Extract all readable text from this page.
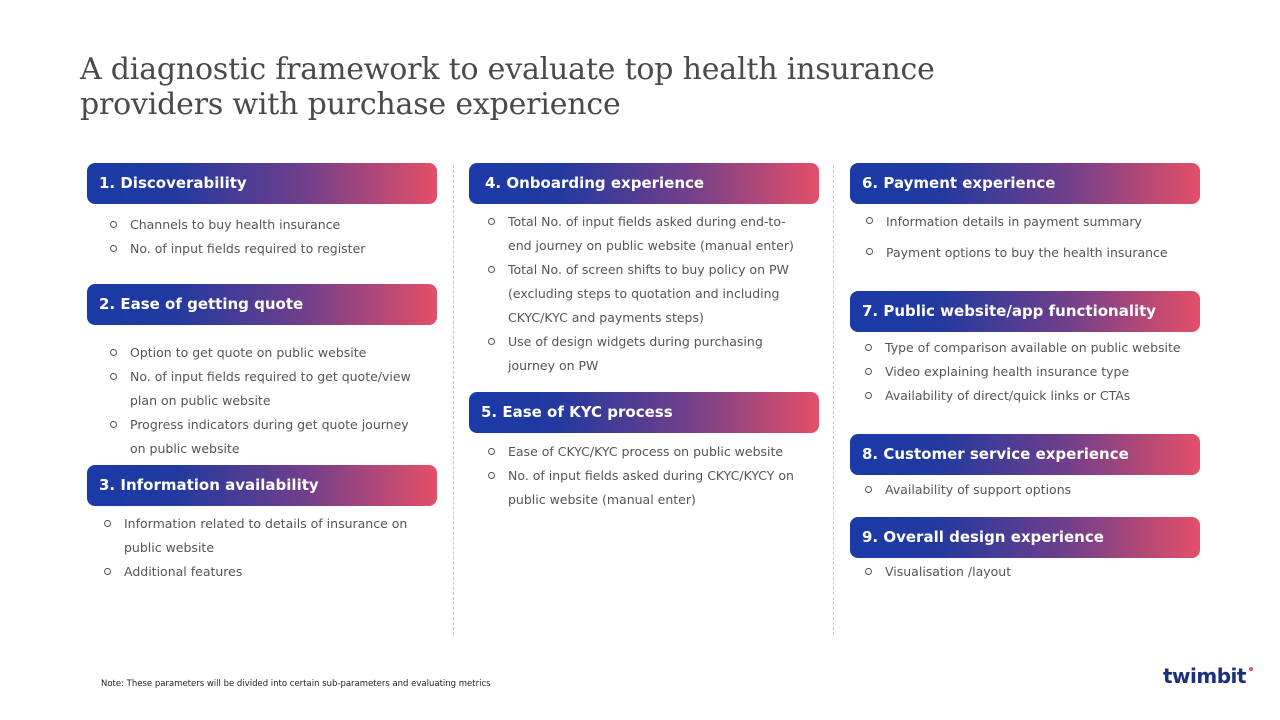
A diagnostic framework to evaluate top health insurance providers with purchase experience
1. Discoverability
Channels to buy health insurance
No. of input fields required to register
2. Ease of getting quote
Option to get quote on public website
No. of input fields required to get quote/view plan on public website
Progress indicators during get quote journey on public website
3. Information availability
Information related to details of insurance on public website
Additional features
4. Onboarding experience
Total No. of input fields asked during end-to-end journey on public website (manual enter)
Total No. of screen shifts to buy policy on PW (excluding steps to quotation and including CKYC/KYC and payments steps)
Use of design widgets during purchasing journey on PW
5. Ease of KYC process
Ease of CKYC/KYC process on public website
No. of input fields asked during CKYC/KYCY on public website (manual enter)
6. Payment experience
Information details in payment summary
Payment options to buy the health insurance
7. Public website/app functionality
Type of comparison available on public website
Video explaining health insurance type
Availability of direct/quick links or CTAs
8. Customer service experience
Availability of support options
9. Overall design experience
Visualisation /layout
Note: These parameters will be divided into certain sub-parameters and evaluating metrics	twimbit
